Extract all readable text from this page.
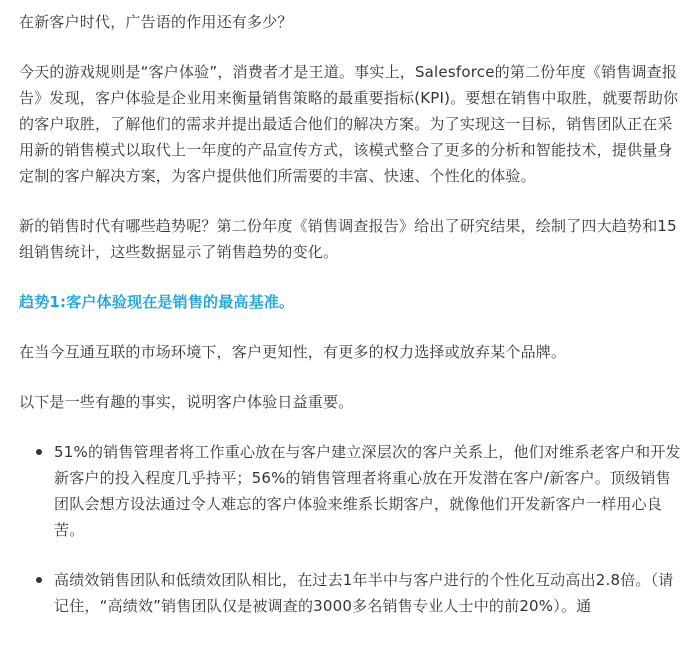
在新客户时代，广告语的作用还有多少？

今天的游戏规则是“客户体验”，消费者才是王道。事实上，Salesforce的第二份年度《销售调查报告》发现，客户体验是企业用来衡量销售策略的最重要指标(KPI)。要想在销售中取胜，就要帮助你的客户取胜，了解他们的需求并提出最适合他们的解决方案。为了实现这一目标，销售团队正在采用新的销售模式以取代上一年度的产品宣传方式，该模式整合了更多的分析和智能技术，提供量身定制的客户解决方案，为客户提供他们所需要的丰富、快速、个性化的体验。

新的销售时代有哪些趋势呢？第二份年度《销售调查报告》给出了研究结果，绘制了四大趋势和15组销售统计，这些数据显示了销售趋势的变化。

趋势1:客户体验现在是销售的最高基准。

在当今互通互联的市场环境下，客户更知性，有更多的权力选择或放弃某个品牌。

以下是一些有趣的事实，说明客户体验日益重要。

51%的销售管理者将工作重心放在与客户建立深层次的客户关系上，他们对维系老客户和开发新客户的投入程度几乎持平；56%的销售管理者将重心放在开发潜在客户/新客户。顶级销售团队会想方设法通过令人难忘的客户体验来维系长期客户，就像他们开发新客户一样用心良苦。
高绩效销售团队和低绩效团队相比，在过去1年半中与客户进行的个性化互动高出2.8倍。（请记住，“高绩效”销售团队仅是被调查的3000多名销售专业人士中的前20%）。通
